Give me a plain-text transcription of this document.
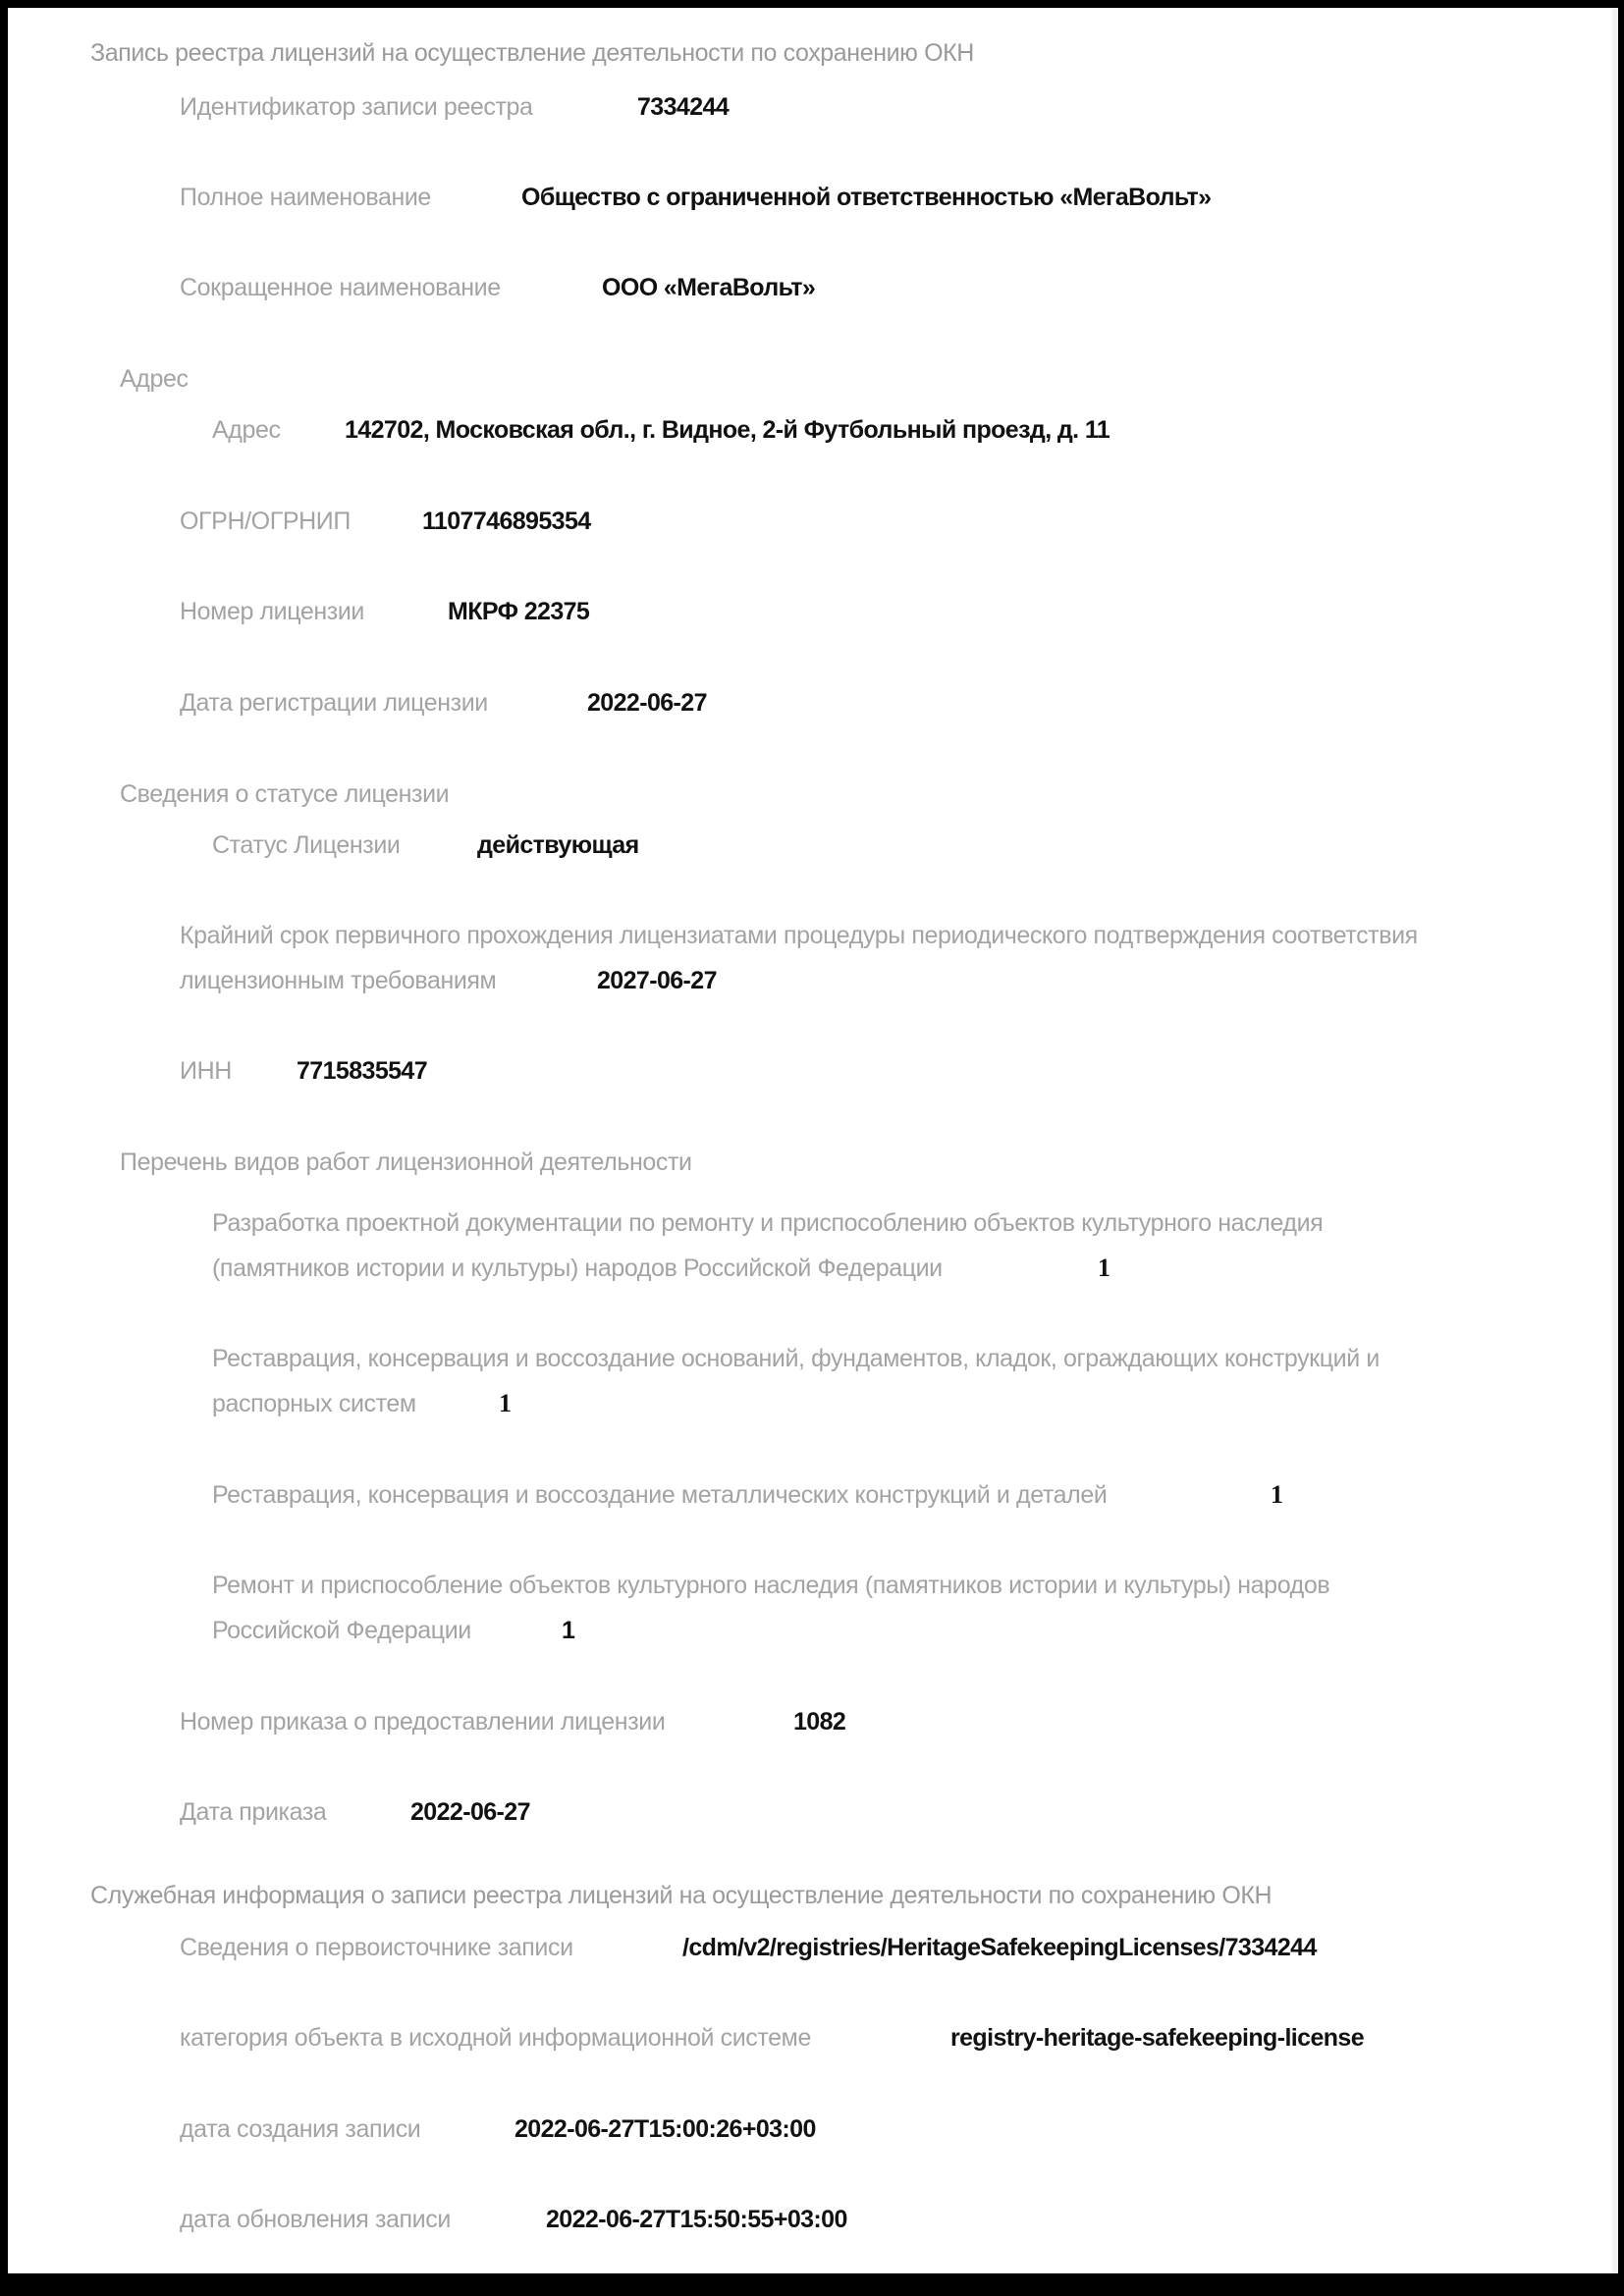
Запись реестра лицензий на осуществление деятельности по сохранению ОКН
Идентификатор записи реестра	7334244
Полное наименование	Общество с ограниченной ответственностью «МегаВольт»
Сокращенное наименование	ООО «МегаВольт»
Адрес
Адрес	142702, Московская обл., г. Видное, 2-й Футбольный проезд, д. 11
ОГРН/ОГРНИП	1107746895354
Номер лицензии	МКРФ 22375
Дата регистрации лицензии	2022-06-27
Сведения о статусе лицензии
Статус Лицензии	действующая
Крайний срок первичного прохождения лицензиатами процедуры периодического подтверждения соответствия
лицензионным требованиям	2027-06-27
ИНН	7715835547
Перечень видов работ лицензионной деятельности
Разработка проектной документации по ремонту и приспособлению объектов культурного наследия
(памятников истории и культуры) народов Российской Федерации	1
Реставрация, консервация и воссоздание оснований, фундаментов, кладок, ограждающих конструкций и
распорных систем	1
Реставрация, консервация и воссоздание металлических конструкций и деталей	1
Ремонт и приспособление объектов культурного наследия (памятников истории и культуры) народов
Российской Федерации	1
Номер приказа о предоставлении лицензии	1082
Дата приказа	2022-06-27
Служебная информация о записи реестра лицензий на осуществление деятельности по сохранению ОКН
Сведения о первоисточнике записи	/cdm/v2/registries/HeritageSafekeepingLicenses/7334244
категория объекта в исходной информационной системе	registry-heritage-safekeeping-license
дата создания записи	2022-06-27T15:00:26+03:00
дата обновления записи	2022-06-27T15:50:55+03:00
